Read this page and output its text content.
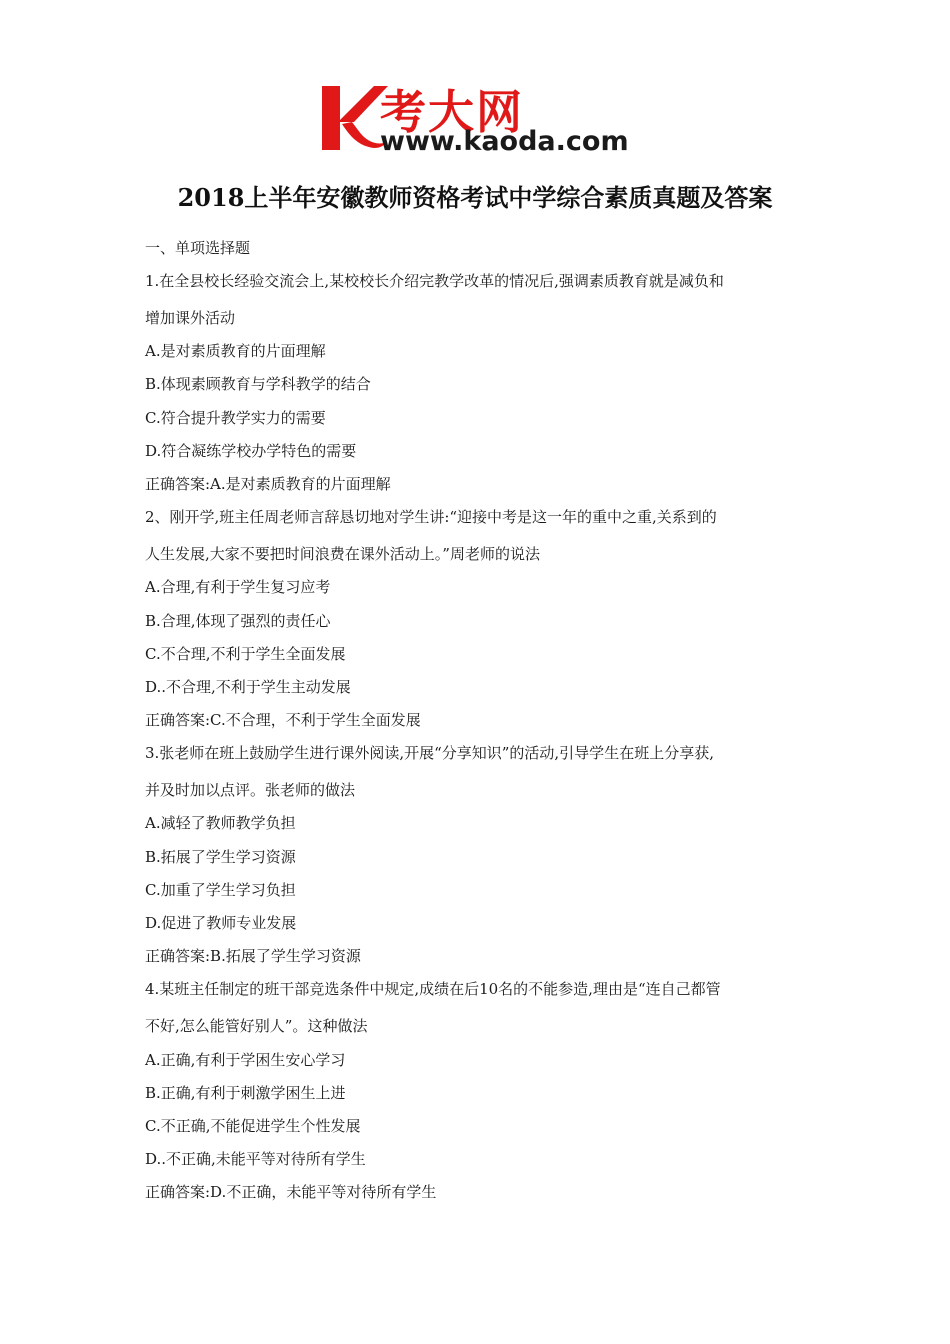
考大网
www.kaoda.com
2018上半年安徽教师资格考试中学综合素质真题及答案
一、单项选择题
1.在全县校长经验交流会上,某校校长介绍完教学改革的情况后,强调素质教育就是减负和
增加课外活动
A.是对素质教育的片面理解
B.体现素顾教育与学科教学的结合
C.符合提升教学实力的需要
D.符合凝练学校办学特色的需要
正确答案:A.是对素质教育的片面理解
2、刚开学,班主任周老师言辞恳切地对学生讲:“迎接中考是这一年的重中之重,关系到的
人生发展,大家不要把时间浪费在课外活动上。”周老师的说法
A.合理,有利于学生复习应考
B.合理,体现了强烈的责任心
C.不合理,不利于学生全面发展
D..不合理,不利于学生主动发展
正确答案:C.不合理，不利于学生全面发展
3.张老师在班上鼓励学生进行课外阅读,开展“分享知识”的活动,引导学生在班上分享获,
并及时加以点评。张老师的做法
A.减轻了教师教学负担
B.拓展了学生学习资源
C.加重了学生学习负担
D.促进了教师专业发展
正确答案:B.拓展了学生学习资源
4.某班主任制定的班干部竞选条件中规定,成绩在后10名的不能参造,理由是“连自己都管
不好,怎么能管好别人”。这种做法
A.正确,有利于学困生安心学习
B.正确,有利于刺激学困生上进
C.不正确,不能促进学生个性发展
D..不正确,未能平等对待所有学生
正确答案:D.不正确，未能平等对待所有学生
